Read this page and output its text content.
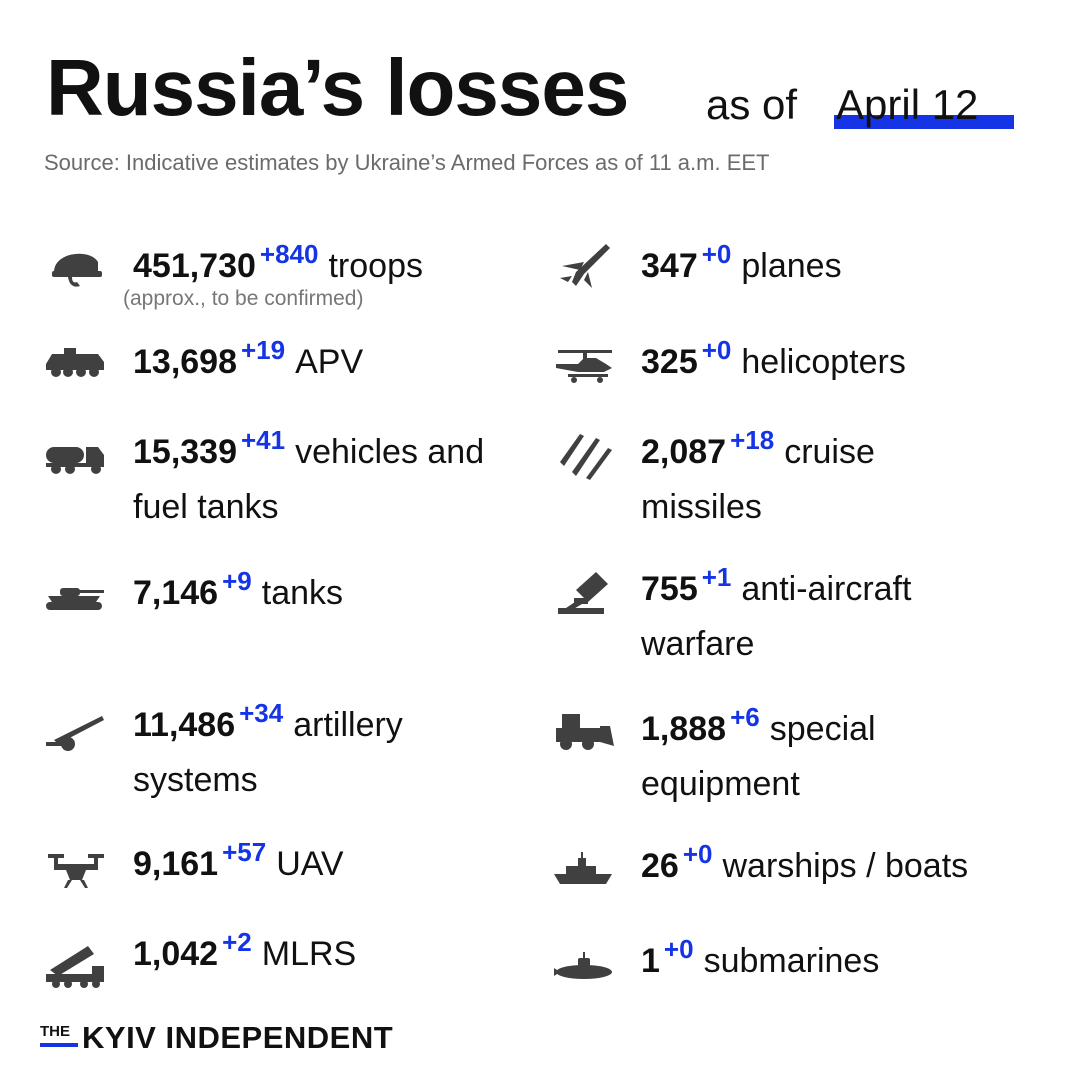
Russia’s losses as of April 12
Source: Indicative estimates by Ukraine’s Armed Forces as of 11 a.m. EET
451,730 $^{+840}$ troops
(approx., to be confirmed)
13,698 $^{+19}$ APV
15,339 $^{+41}$ vehicles and
fuel tanks
7,146 $^{+9}$ tanks
11,486 $^{+34}$ artillery
systems
9,161 $^{+57}$ UAV
1,042 $^{+2}$ MLRS
347 $^{+0}$ planes
325 $^{+0}$ helicopters
2,087 $^{+18}$ cruise
missiles
755 $^{+1}$ anti-aircraft
warfare
1,888 $^{+6}$ special
equipment
26 $^{+0}$ warships / boats
1 $^{+0}$ submarines
THE KYIV INDEPENDENT
